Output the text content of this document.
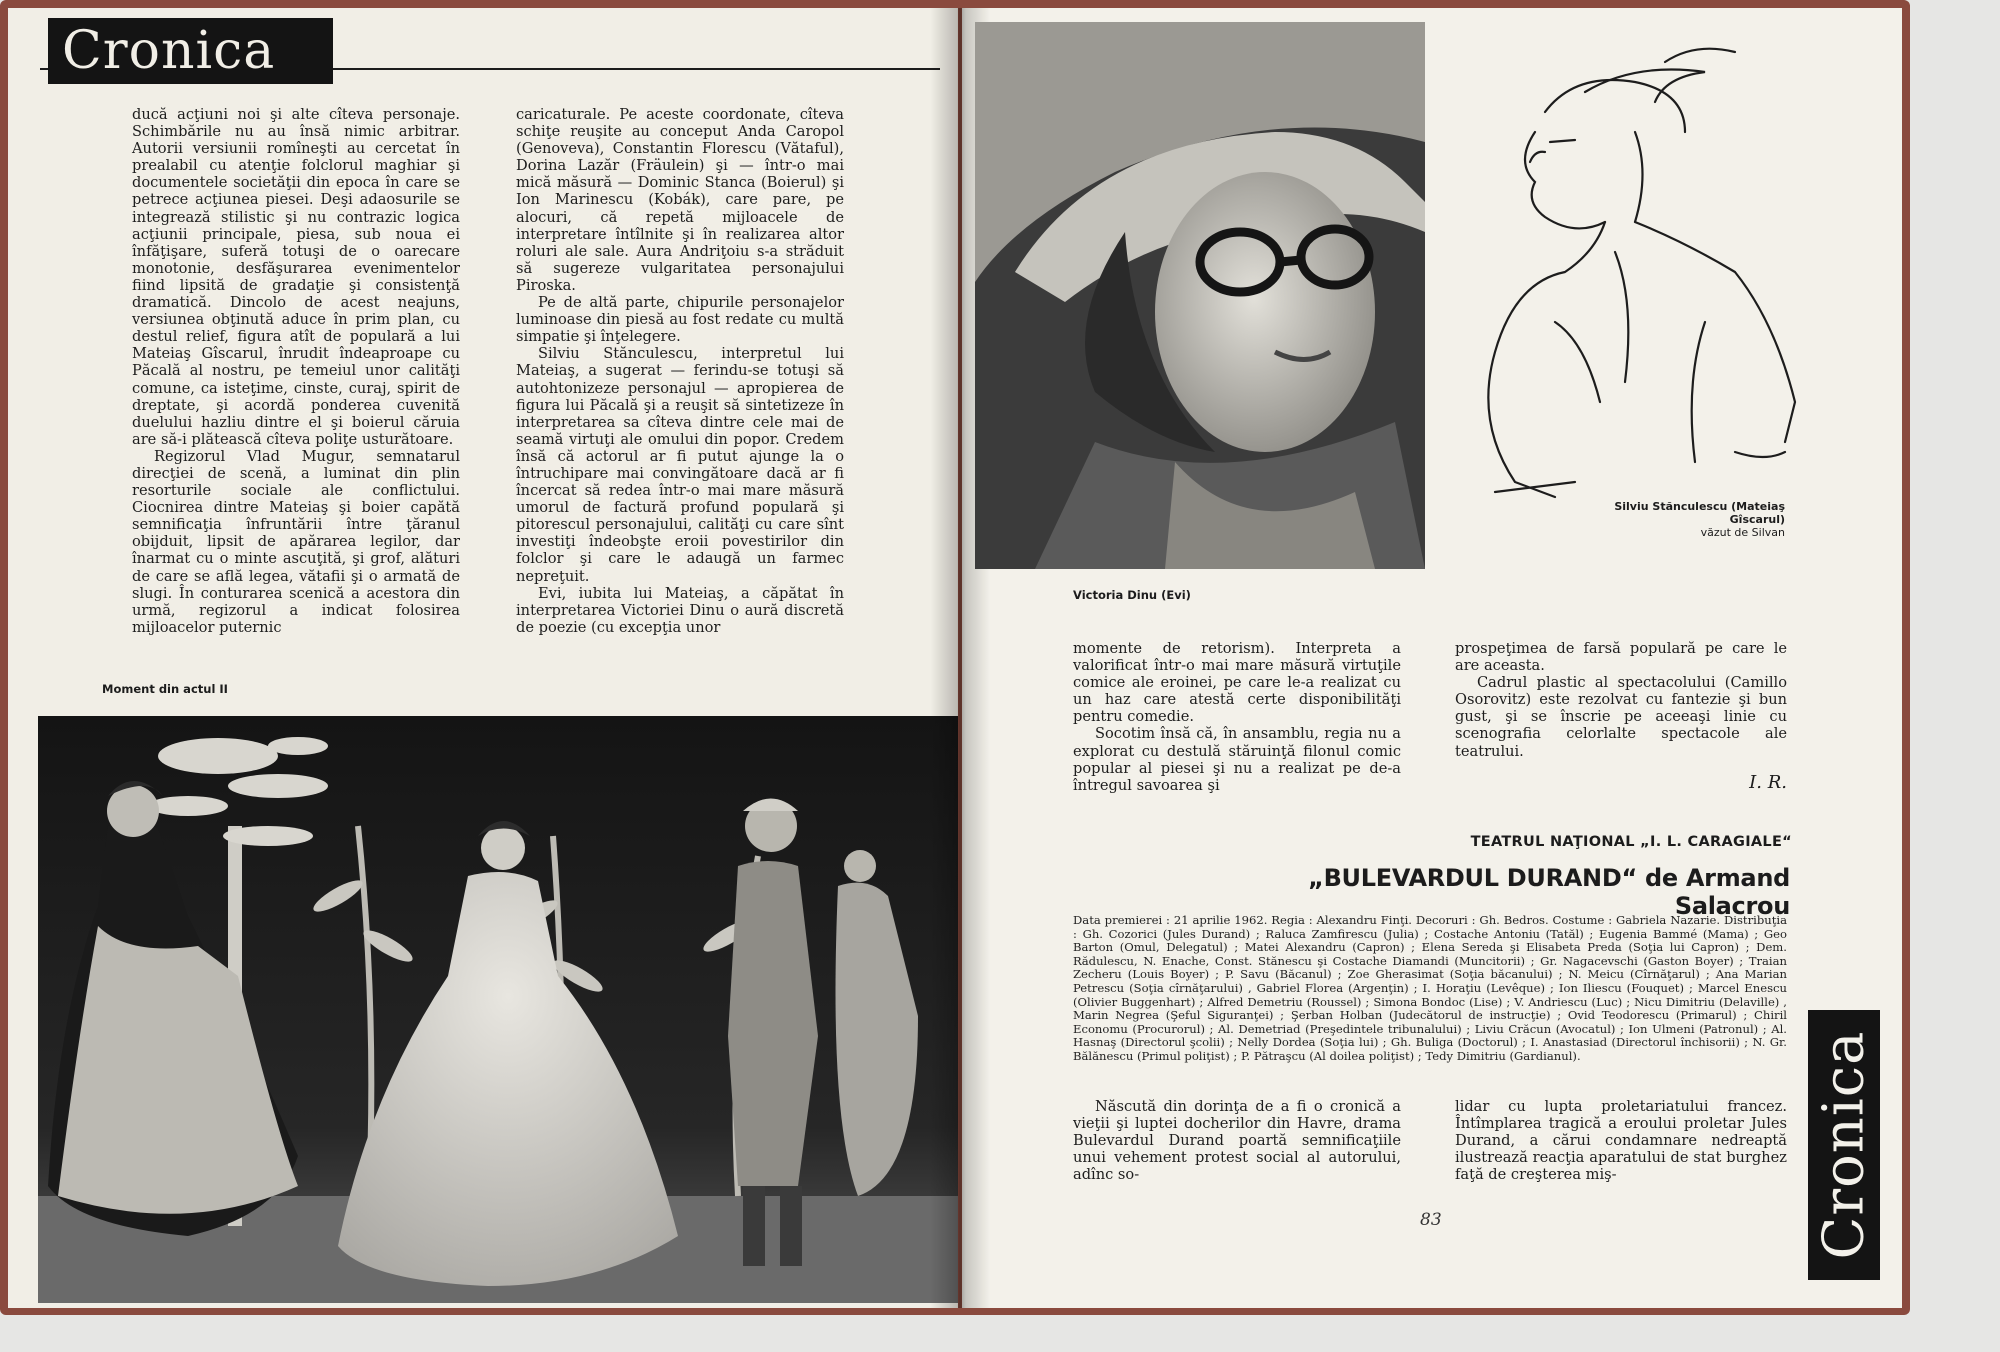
Cronica

ducă acţiuni noi şi alte cîteva personaje. Schimbările nu au însă nimic arbitrar. Autorii versiunii romîneşti au cercetat în prealabil cu atenţie folclorul maghiar şi documentele societăţii din epoca în care se petrece acţiunea piesei. Deşi adaosurile se integrează stilistic şi nu contrazic logica acţiunii principale, piesa, sub noua ei înfăţişare, suferă totuşi de o oarecare monotonie, desfăşurarea evenimentelor fiind lipsită de gradaţie şi consistenţă dramatică. Dincolo de acest neajuns, versiunea obţinută aduce în prim plan, cu destul relief, figura atît de populară a lui Mateiaş Gîscarul, înrudit îndeaproape cu Păcală al nostru, pe temeiul unor calităţi comune, ca isteţime, cinste, curaj, spirit de dreptate, şi acordă ponderea cuvenită duelului hazliu dintre el şi boierul căruia are să-i plătească cîteva poliţe usturătoare.

Regizorul Vlad Mugur, semnatarul direcţiei de scenă, a luminat din plin resorturile sociale ale conflictului. Ciocnirea dintre Mateiaş şi boier capătă semnificaţia înfruntării între ţăranul obijduit, lipsit de apărarea legilor, dar înarmat cu o minte ascuţită, şi grof, alături de care se află legea, vătafii şi o armată de slugi. În conturarea scenică a acestora din urmă, regizorul a indicat folosirea mijloacelor puternic

caricaturale. Pe aceste coordonate, cîteva schiţe reuşite au conceput Anda Caropol (Genoveva), Constantin Florescu (Vătaful), Dorina Lazăr (Fräulein) şi — într-o mai mică măsură — Dominic Stanca (Boierul) şi Ion Marinescu (Kobák), care pare, pe alocuri, că repetă mijloacele de interpretare întîlnite şi în realizarea altor roluri ale sale. Aura Andriţoiu s-a străduit să sugereze vulgaritatea personajului Piroska.

Pe de altă parte, chipurile personajelor luminoase din piesă au fost redate cu multă simpatie şi înţelegere.

Silviu Stănculescu, interpretul lui Mateiaş, a sugerat — ferindu-se totuşi să autohtonizeze personajul — apropierea de figura lui Păcală şi a reuşit să sintetizeze în interpretarea sa cîteva dintre cele mai de seamă virtuţi ale omului din popor. Credem însă că actorul ar fi putut ajunge la o întruchipare mai convingătoare dacă ar fi încercat să redea într-o mai mare măsură umorul de factură profund populară şi pitorescul personajului, calităţi cu care sînt investiţi îndeobşte eroii povestirilor din folclor şi care le adaugă un farmec nepreţuit.

Evi, iubita lui Mateiaş, a căpătat în interpretarea Victoriei Dinu o aură discretă de poezie (cu excepţia unor

Moment din actul II
Silviu Stănculescu (Mateiaş Gîscarul)
văzut de Silvan
Victoria Dinu (Evi)

momente de retorism). Interpreta a valorificat într-o mai mare măsură virtuţile comice ale eroinei, pe care le-a realizat cu un haz care atestă certe disponibilităţi pentru comedie.

Socotim însă că, în ansamblu, regia nu a explorat cu destulă stăruinţă filonul comic popular al piesei şi nu a realizat pe de-a întregul savoarea şi

prospeţimea de farsă populară pe care le are aceasta.

Cadrul plastic al spectacolului (Camillo Osorovitz) este rezolvat cu fantezie şi bun gust, şi se înscrie pe aceeaşi linie cu scenografia celorlalte spectacole ale teatrului.

I. R.
TEATRUL NAŢIONAL „I. L. CARAGIALE“
„BULEVARDUL DURAND“ de Armand Salacrou
Data premierei : 21 aprilie 1962. Regia : Alexandru Finţi. Decoruri : Gh. Bedros. Costume : Gabriela Nazarie. Distribuţia : Gh. Cozorici (Jules Durand) ; Raluca Zamfirescu (Julia) ; Costache Antoniu (Tatăl) ; Eugenia Bammé (Mama) ; Geo Barton (Omul, Delegatul) ; Matei Alexandru (Capron) ; Elena Sereda şi Elisabeta Preda (Soţia lui Capron) ; Dem. Rădulescu, N. Enache, Const. Stănescu şi Costache Diamandi (Muncitorii) ; Gr. Nagacevschi (Gaston Boyer) ; Traian Zecheru (Louis Boyer) ; P. Savu (Băcanul) ; Zoe Gherasimat (Soţia băcanului) ; N. Meicu (Cîrnăţarul) ; Ana Marian Petrescu (Soţia cîrnăţarului) , Gabriel Florea (Argenţin) ; I. Horaţiu (Levêque) ; Ion Iliescu (Fouquet) ; Marcel Enescu (Olivier Buggenhart) ; Alfred Demetriu (Roussel) ; Simona Bondoc (Lise) ; V. Andriescu (Luc) ; Nicu Dimitriu (Delaville) , Marin Negrea (Şeful Siguranţei) ; Şerban Holban (Judecătorul de instrucţie) ; Ovid Teodorescu (Primarul) ; Chiril Economu (Procurorul) ; Al. Demetriad (Preşedintele tribunalului) ; Liviu Crăcun (Avocatul) ; Ion Ulmeni (Patronul) ; Al. Hasnaş (Directorul şcolii) ; Nelly Dordea (Soţia lui) ; Gh. Buliga (Doctorul) ; I. Anastasiad (Directorul închisorii) ; N. Gr. Bălănescu (Primul poliţist) ; P. Pătraşcu (Al doilea poliţist) ; Tedy Dimitriu (Gardianul).

Născută din dorinţa de a fi o cronică a vieţii şi luptei docherilor din Havre, drama Bulevardul Durand poartă semnificaţiile unui vehement protest social al autorului, adînc so-

lidar cu lupta proletariatului francez. Întîmplarea tragică a eroului proletar Jules Durand, a cărui condamnare nedreaptă ilustrează reacţia aparatului de stat burghez faţă de creşterea miş-

83	Cronica
